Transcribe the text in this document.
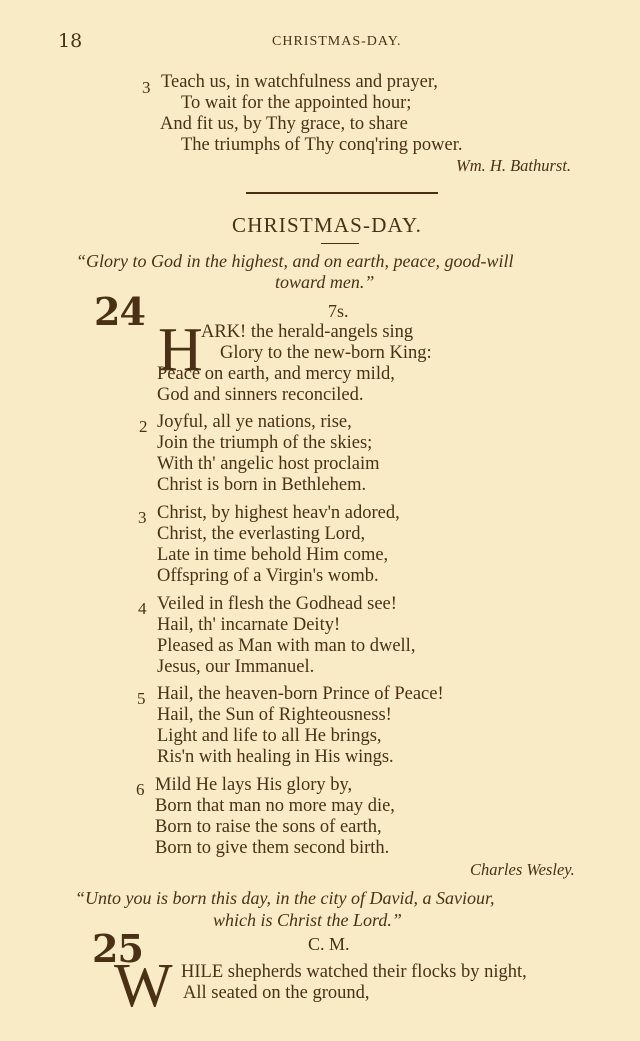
18	CHRISTMAS-DAY.
3 Teach us, in watchfulness and prayer,
To wait for the appointed hour;
And fit us, by Thy grace, to share
The triumphs of Thy conq'ring power.
Wm. H. Bathurst.
CHRISTMAS-DAY.
“Glory to God in the highest, and on earth, peace, good-will
toward men.”
24	7s.
H
ARK! the herald-angels sing
Glory to the new-born King:
Peace on earth, and mercy mild,
God and sinners reconciled.
2 Joyful, all ye nations, rise,
Join the triumph of the skies;
With th' angelic host proclaim
Christ is born in Bethlehem.
3 Christ, by highest heav'n adored,
Christ, the everlasting Lord,
Late in time behold Him come,
Offspring of a Virgin's womb.
4 Veiled in flesh the Godhead see!
Hail, th' incarnate Deity!
Pleased as Man with man to dwell,
Jesus, our Immanuel.
5 Hail, the heaven-born Prince of Peace!
Hail, the Sun of Righteousness!
Light and life to all He brings,
Ris'n with healing in His wings.
6 Mild He lays His glory by,
Born that man no more may die,
Born to raise the sons of earth,
Born to give them second birth.
Charles Wesley.
“Unto you is born this day, in the city of David, a Saviour,
which is Christ the Lord.”
25	C. M.
W HILE shepherds watched their flocks by night,
All seated on the ground,
